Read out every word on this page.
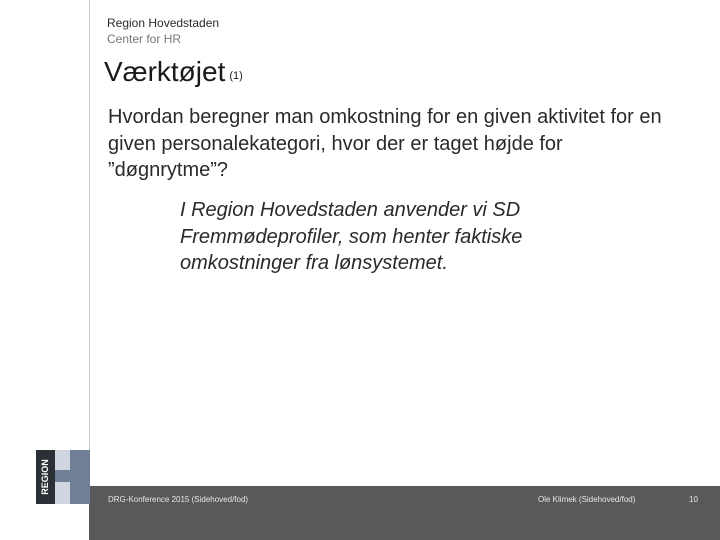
Region Hovedstaden
Center for HR
Værktøjet (1)
Hvordan beregner man omkostning for en given aktivitet for en given personalekategori, hvor der er taget højde for ”døgnrytme”?
I Region Hovedstaden anvender vi SD Fremmødeprofiler, som henter faktiske omkostninger fra lønsystemet.
DRG-Konference 2015 (Sidehoved/fod)	Ole Klimek (Sidehoved/fod)	10
REGION
